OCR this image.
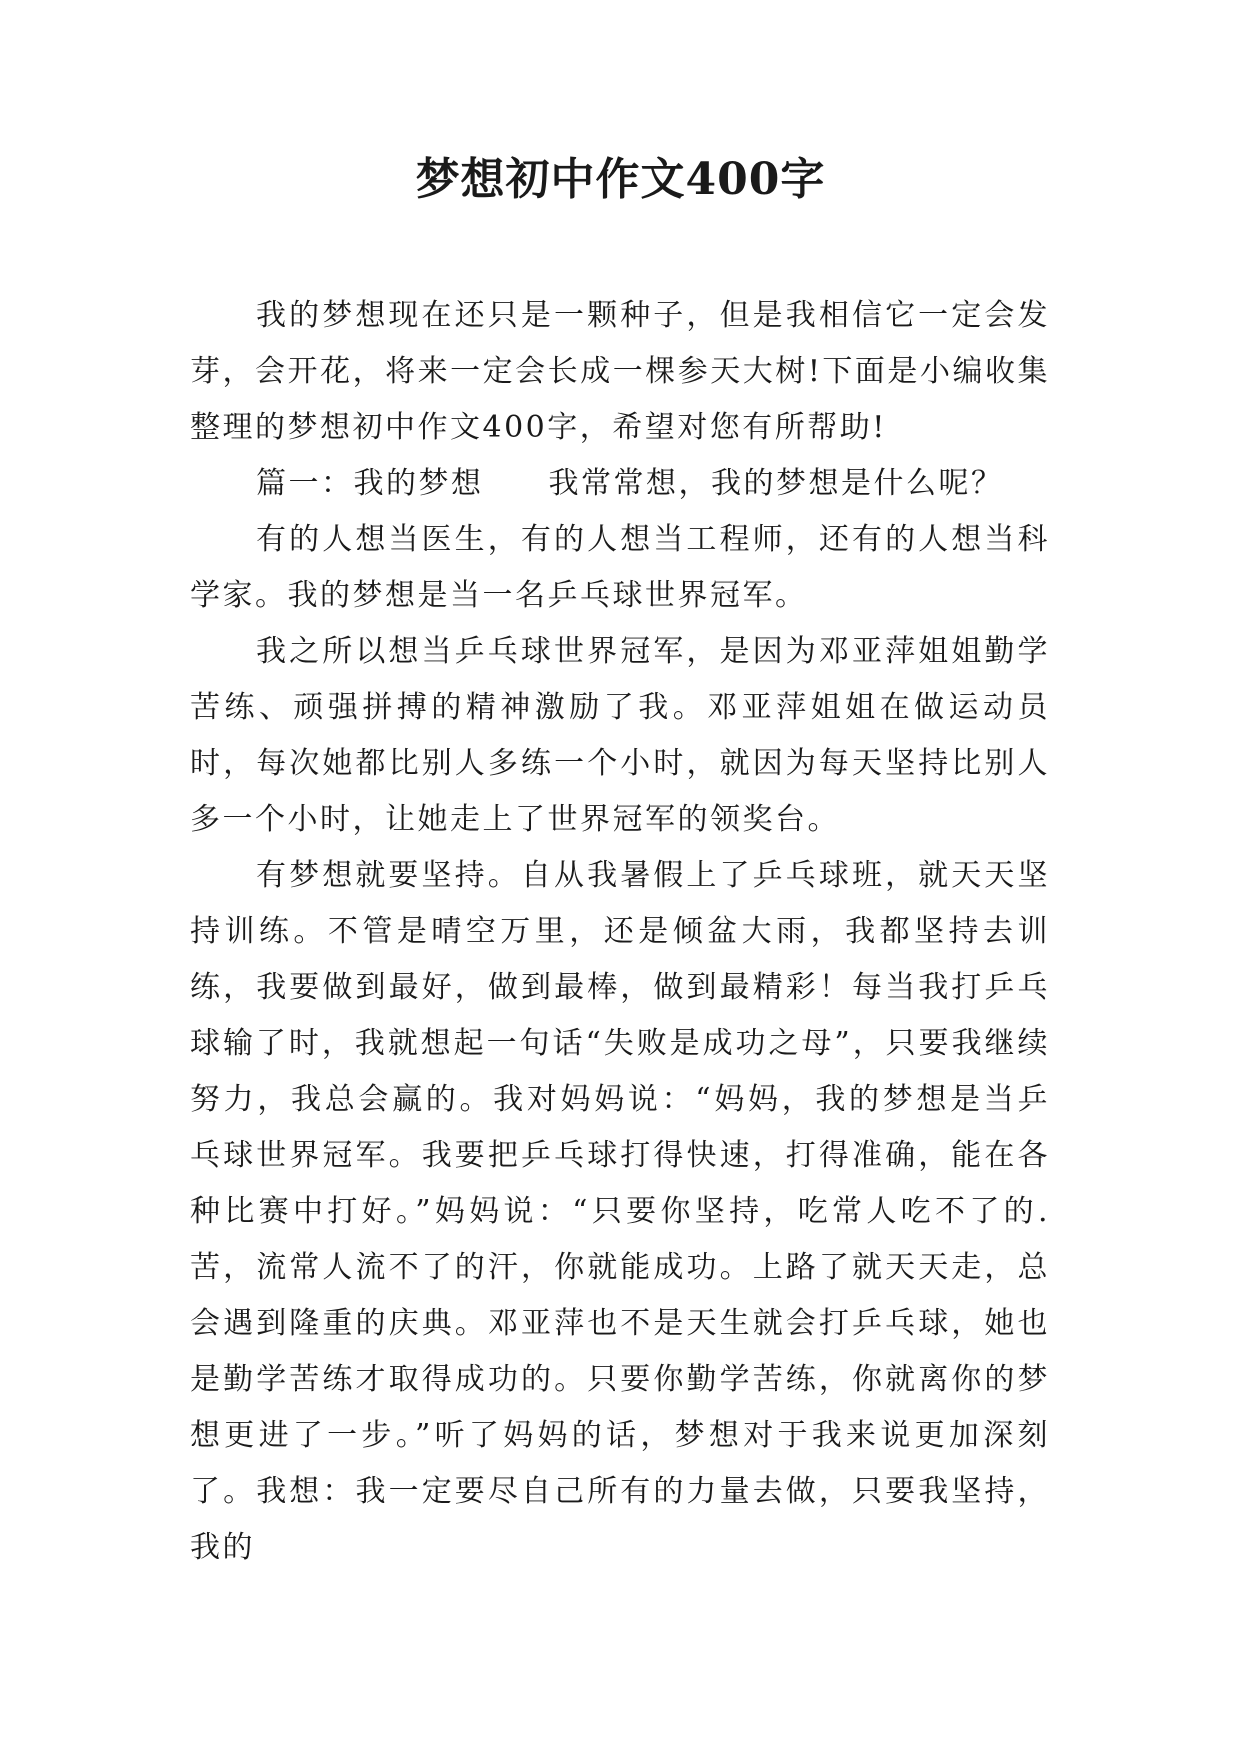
梦想初中作文400字

我的梦想现在还只是一颗种子，但是我相信它一定会发芽，会开花，将来一定会长成一棵参天大树!下面是小编收集整理的梦想初中作文400字，希望对您有所帮助!

篇一：我的梦想　　我常常想，我的梦想是什么呢？

有的人想当医生，有的人想当工程师，还有的人想当科学家。我的梦想是当一名乒乓球世界冠军。

我之所以想当乒乓球世界冠军，是因为邓亚萍姐姐勤学苦练、顽强拼搏的精神激励了我。邓亚萍姐姐在做运动员时，每次她都比别人多练一个小时，就因为每天坚持比别人多一个小时，让她走上了世界冠军的领奖台。

有梦想就要坚持。自从我暑假上了乒乓球班，就天天坚持训练。不管是晴空万里，还是倾盆大雨，我都坚持去训练，我要做到最好，做到最棒，做到最精彩！每当我打乒乓球输了时，我就想起一句话“失败是成功之母”，只要我继续努力，我总会赢的。我对妈妈说：“妈妈，我的梦想是当乒乓球世界冠军。我要把乒乓球打得快速，打得准确，能在各种比赛中打好。”妈妈说：“只要你坚持，吃常人吃不了的.苦，流常人流不了的汗，你就能成功。上路了就天天走，总会遇到隆重的庆典。邓亚萍也不是天生就会打乒乓球，她也是勤学苦练才取得成功的。只要你勤学苦练，你就离你的梦想更进了一步。”听了妈妈的话，梦想对于我来说更加深刻了。我想：我一定要尽自己所有的力量去做，只要我坚持，我的
